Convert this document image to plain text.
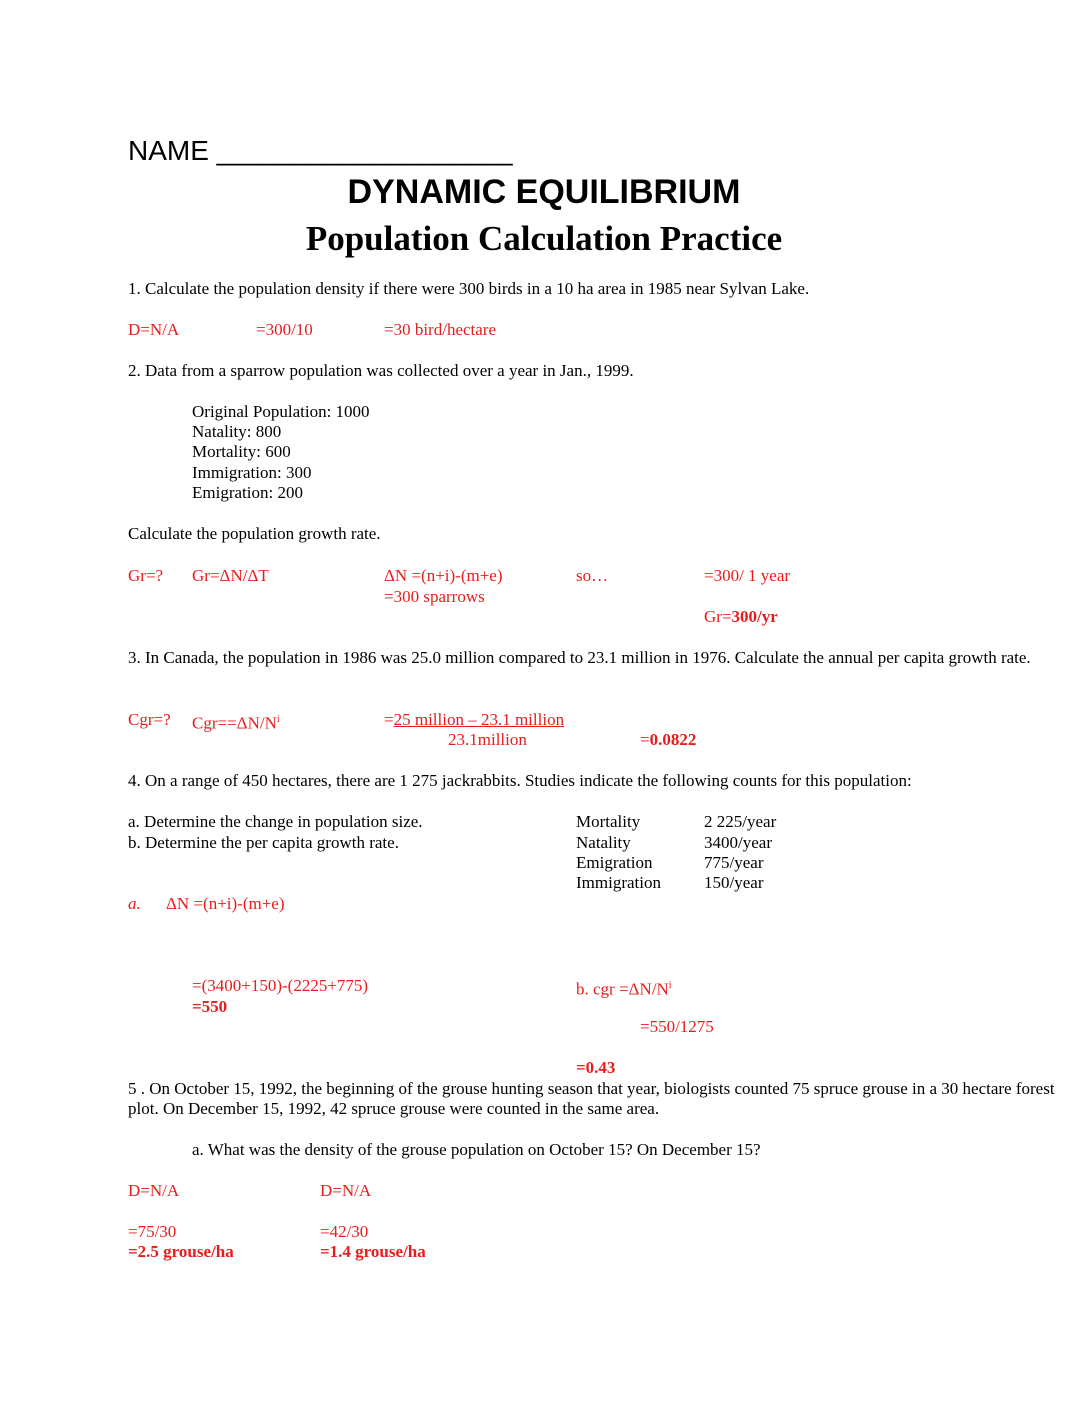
NAME ___________________
DYNAMIC EQUILIBRIUM
Population Calculation Practice
1. Calculate the population density if there were 300 birds in a 10 ha area in 1985 near Sylvan Lake.
D=N/A	=300/10	=30 bird/hectare
2. Data from a sparrow population was collected over a year in Jan., 1999.
Original Population: 1000
Natality: 800
Mortality: 600
Immigration: 300
Emigration: 200
Calculate the population growth rate.
Gr=? Gr=ΔN/ΔT	ΔN =(n+i)-(m+e)	so…	=300/ 1 year
=300 sparrows
Gr=300/yr
3. In Canada, the population in 1986 was 25.0 million compared to 23.1 million in 1976. Calculate the annual per capita growth rate.
Cgr=? $Cgr==\Delta N/N^i$	=25 million – 23.1 million
23.1million	=0.0822
4. On a range of 450 hectares, there are 1 275 jackrabbits. Studies indicate the following counts for this population:
a. Determine the change in population size.
b. Determine the per capita growth rate.
Mortality	2 225/year
Natality	3400/year
Emigration	775/year
Immigration	150/year
a. ΔN =(n+i)-(m+e)
=(3400+150)-(2225+775)
=550
b. cgr $=\Delta N/N^i$
=550/1275
=0.43
5 . On October 15, 1992, the beginning of the grouse hunting season that year, biologists counted 75 spruce grouse in a 30 hectare forest plot. On December 15, 1992, 42 spruce grouse were counted in the same area.
a. What was the density of the grouse population on October 15? On December 15?
D=N/A	D=N/A
=75/30	=42/30
=2.5 grouse/ha	=1.4 grouse/ha
